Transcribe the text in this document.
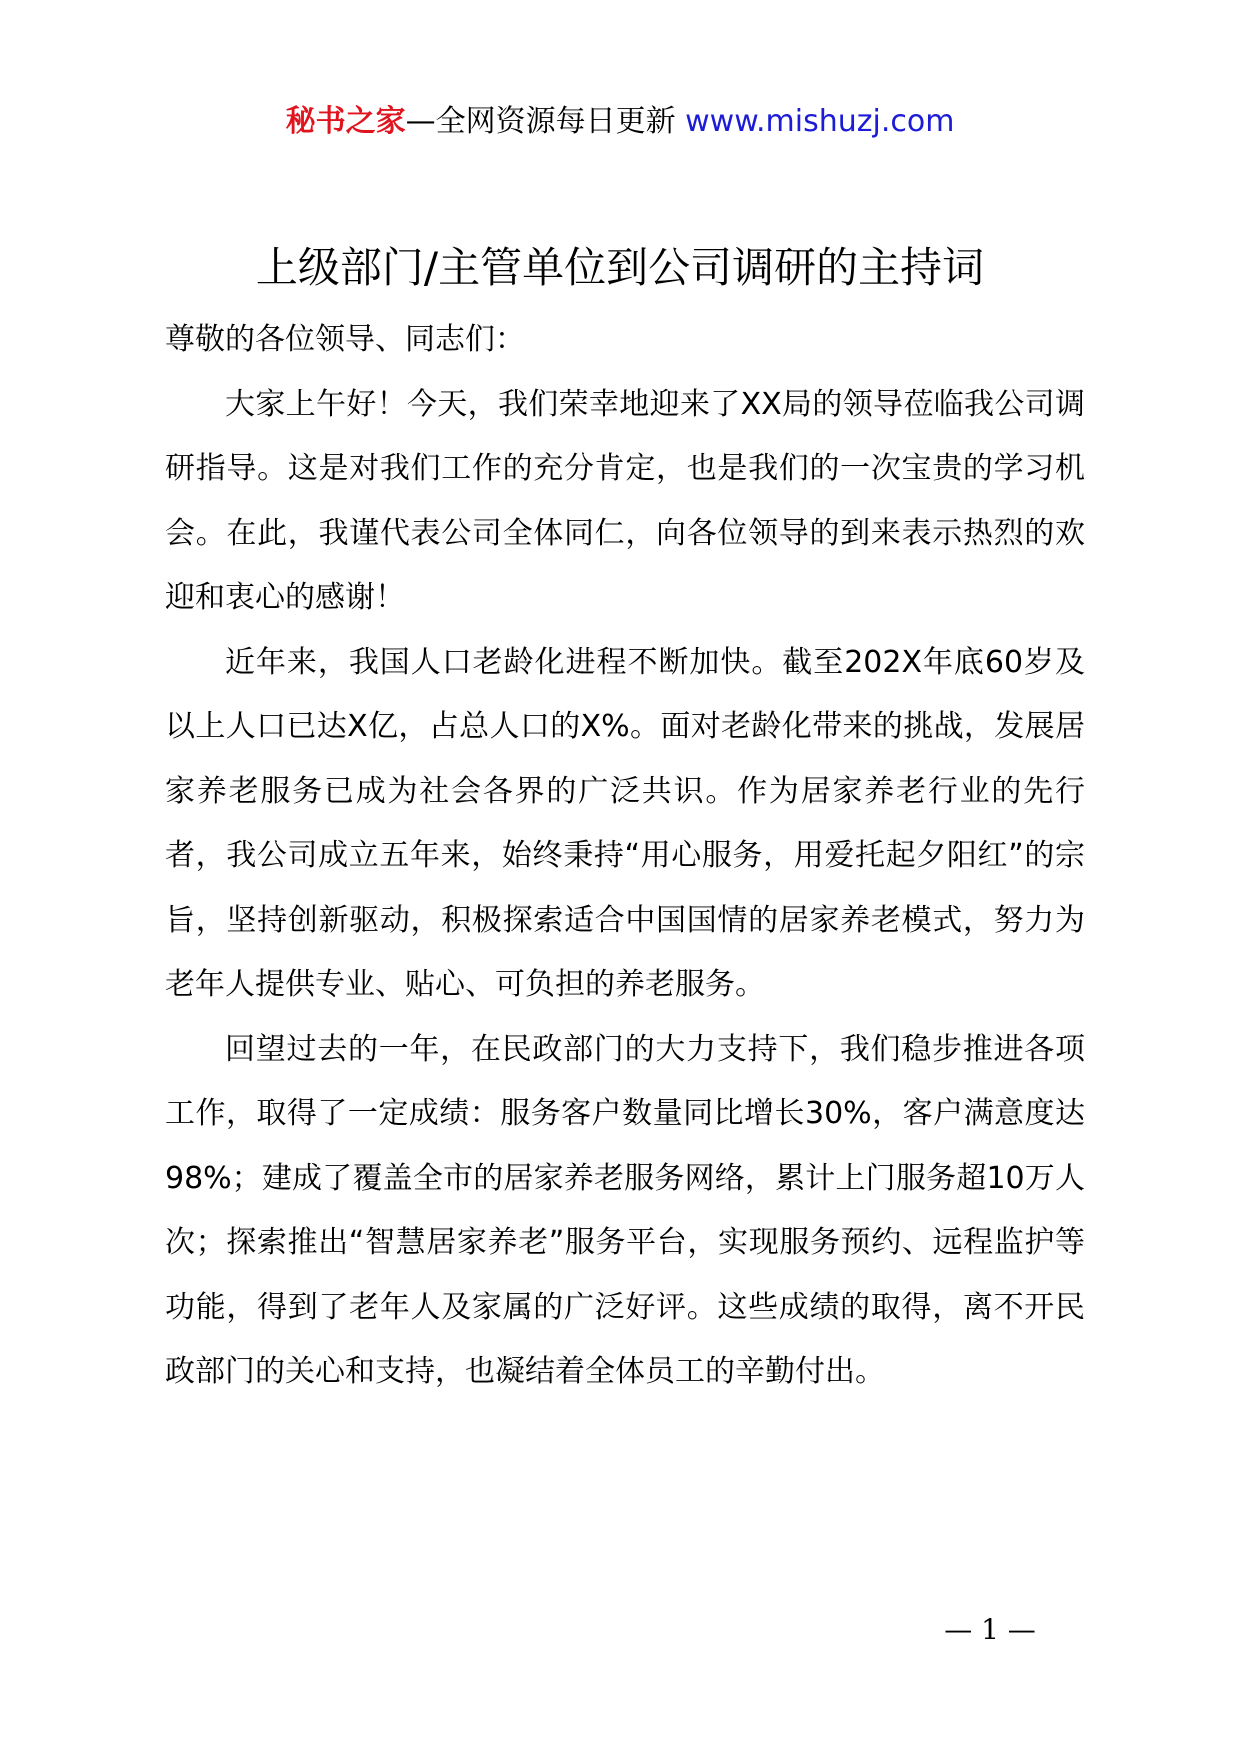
秘书之家—全网资源每日更新 www.mishuzj.com
上级部门/主管单位到公司调研的主持词

尊敬的各位领导、同志们：

大家上午好！今天，我们荣幸地迎来了XX局的领导莅临我公司调研指导。这是对我们工作的充分肯定，也是我们的一次宝贵的学习机会。在此，我谨代表公司全体同仁，向各位领导的到来表示热烈的欢迎和衷心的感谢！

近年来，我国人口老龄化进程不断加快。截至202X年底60岁及以上人口已达X亿，占总人口的X%。面对老龄化带来的挑战，发展居家养老服务已成为社会各界的广泛共识。作为居家养老行业的先行者，我公司成立五年来，始终秉持“用心服务，用爱托起夕阳红”的宗旨，坚持创新驱动，积极探索适合中国国情的居家养老模式，努力为老年人提供专业、贴心、可负担的养老服务。

回望过去的一年，在民政部门的大力支持下，我们稳步推进各项工作，取得了一定成绩：服务客户数量同比增长30%，客户满意度达98%；建成了覆盖全市的居家养老服务网络，累计上门服务超10万人次；探索推出“智慧居家养老”服务平台，实现服务预约、远程监护等功能，得到了老年人及家属的广泛好评。这些成绩的取得，离不开民政部门的关心和支持，也凝结着全体员工的辛勤付出。

— 1 —
